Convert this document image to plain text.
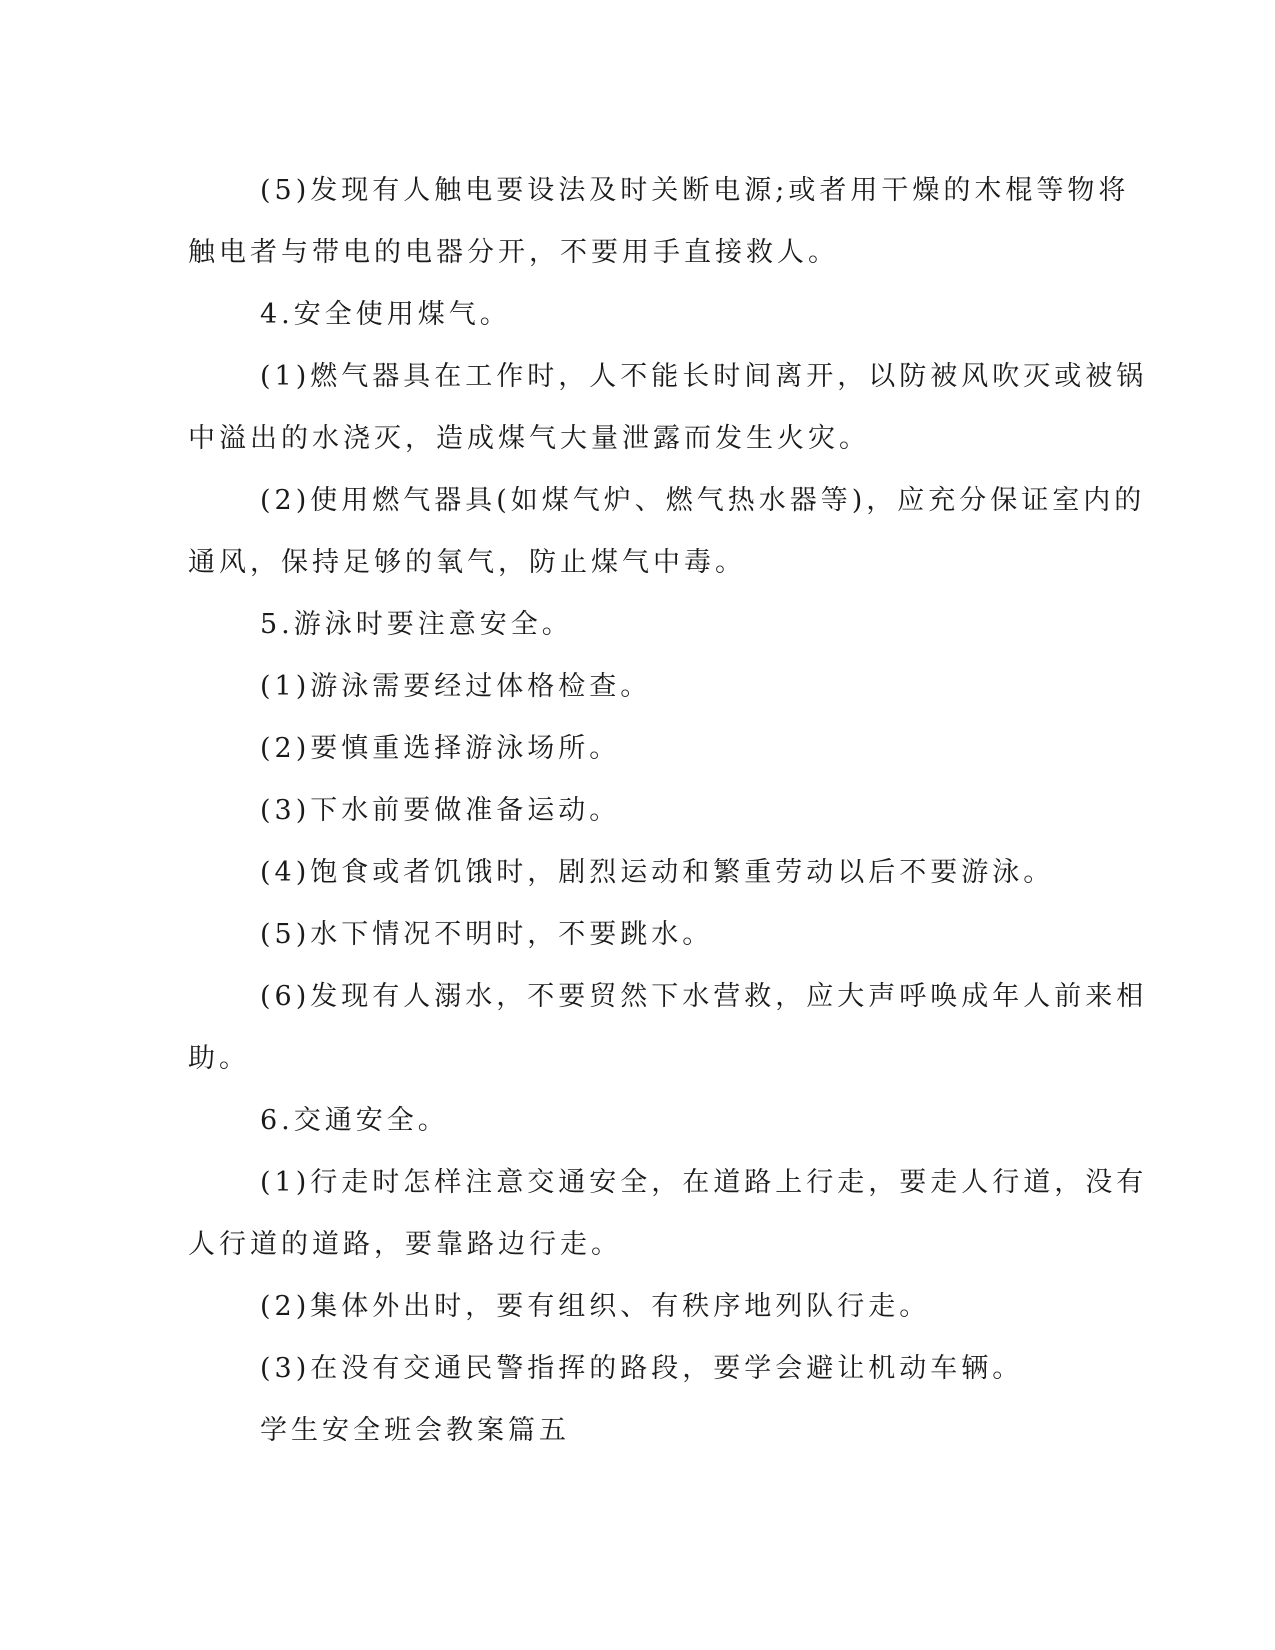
(5)发现有人触电要设法及时关断电源;或者用干燥的木棍等物将
触电者与带电的电器分开，不要用手直接救人。

4.安全使用煤气。

(1)燃气器具在工作时，人不能长时间离开，以防被风吹灭或被锅
中溢出的水浇灭，造成煤气大量泄露而发生火灾。

(2)使用燃气器具(如煤气炉、燃气热水器等)，应充分保证室内的
通风，保持足够的氧气，防止煤气中毒。

5.游泳时要注意安全。

(1)游泳需要经过体格检查。

(2)要慎重选择游泳场所。

(3)下水前要做准备运动。

(4)饱食或者饥饿时，剧烈运动和繁重劳动以后不要游泳。

(5)水下情况不明时，不要跳水。

(6)发现有人溺水，不要贸然下水营救，应大声呼唤成年人前来相
助。

6.交通安全。

(1)行走时怎样注意交通安全，在道路上行走，要走人行道，没有
人行道的道路，要靠路边行走。

(2)集体外出时，要有组织、有秩序地列队行走。

(3)在没有交通民警指挥的路段，要学会避让机动车辆。

学生安全班会教案篇五
